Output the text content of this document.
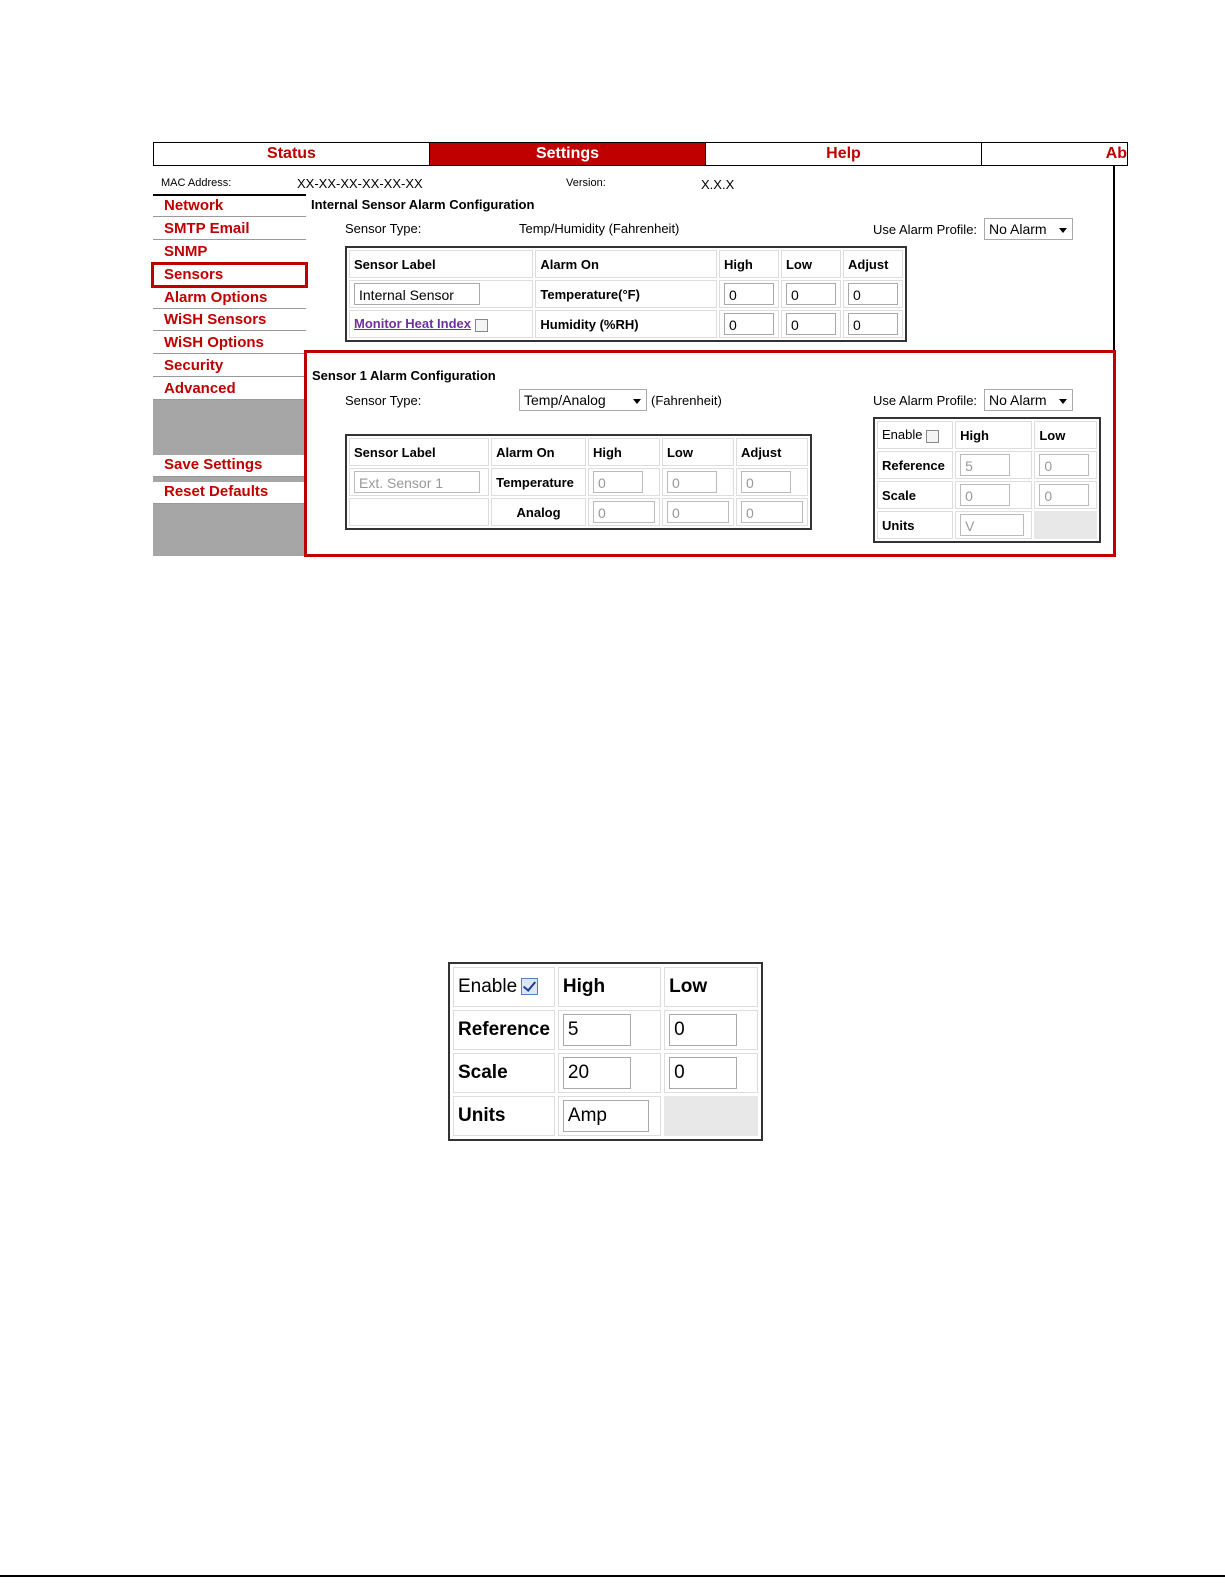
Status	Settings	Help	Ab
MAC Address:	XX-XX-XX-XX-XX-XX	Version:	X.X.X
Network
SMTP Email
SNMP
Sensors
Alarm Options
WiSH Sensors
WiSH Options
Security
Advanced
Save Settings
Reset Defaults
Internal Sensor Alarm Configuration
Sensor Type:	Temp/Humidity (Fahrenheit)	Use Alarm Profile: No Alarm
Sensor Label	Alarm On	High	Low	Adjust
Internal Sensor	Temperature(°F)	0	0	0
Monitor Heat Index	Humidity (%RH)	0	0	0
Sensor 1 Alarm Configuration
Sensor Type:	Temp/Analog	(Fahrenheit)	Use Alarm Profile: No Alarm
Sensor Label	Alarm On	High	Low	Adjust
Ext. Sensor 1	Temperature	0	0	0
	Analog	0	0	0
Enable	High	Low
Reference	5	0
Scale	0	0
Units	V	
Enable	High	Low
Reference	5	0
Scale	20	0
Units	Amp	
